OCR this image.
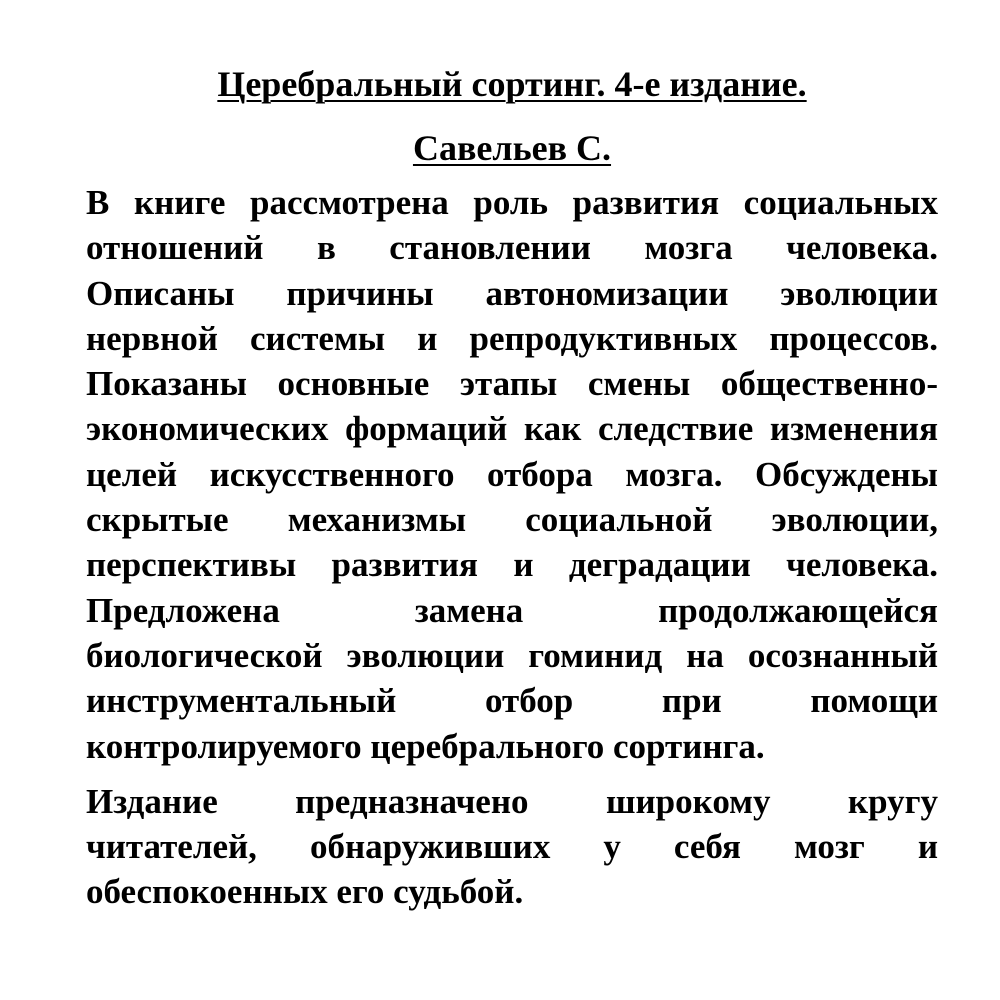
Церебральный сортинг. 4-е издание.
Савельев С.

В книге рассмотрена роль развития социальных
отношений в становлении мозга человека.
Описаны причины автономизации эволюции
нервной системы и репродуктивных процессов.
Показаны основные этапы смены общественно-
экономических формаций как следствие изменения
целей искусственного отбора мозга. Обсуждены
скрытые механизмы социальной эволюции,
перспективы развития и деградации человека.
Предложена замена продолжающейся
биологической эволюции гоминид на осознанный
инструментальный отбор при помощи
контролируемого церебрального сортинга.

Издание предназначено широкому кругу
читателей, обнаруживших у себя мозг и
обеспокоенных его судьбой.
